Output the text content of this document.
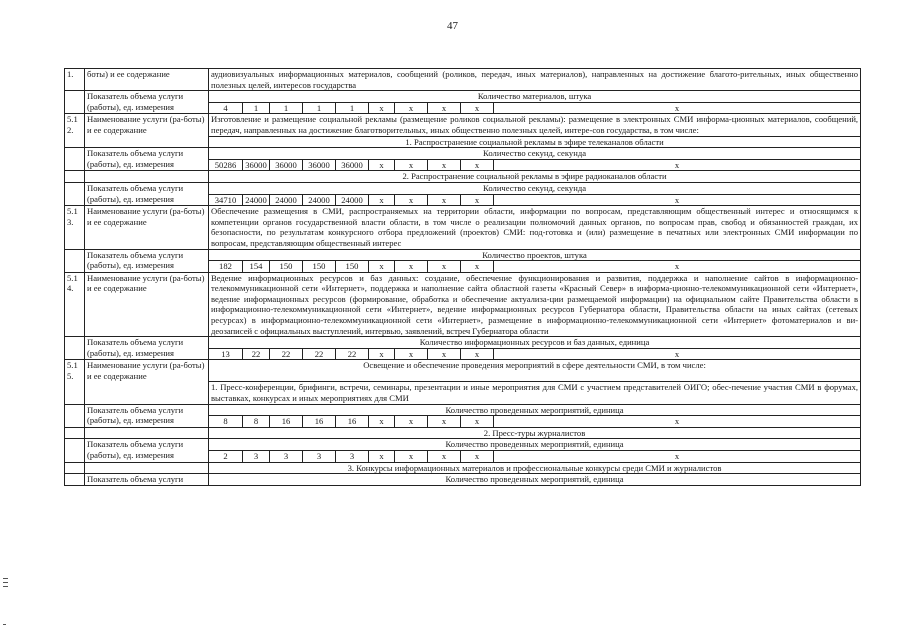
47
1.	боты) и ее содержание	аудиовизуальных информационных материалов, сообщений (роликов, передач, иных материалов), направленных на достижение благото-рительных, иных общественно полезных целей, интересов государства									
	Показатель объема услуги (работы), ед. измерения	Количество материалов, штука									
		4	1	1	1	1	x	x	x	x	x
5.1 2.	Наименование услуги (ра-боты) и ее содержание	Изготовление и размещение социальной рекламы (размещение роликов социальной рекламы): размещение в электронных СМИ информа-ционных материалов, сообщений, передач, направленных на достижение благотворительных, иных общественно полезных целей, интере-сов государства, в том числе:									
		1. Распространение социальной рекламы в эфире телеканалов области									
	Показатель объема услуги (работы), ед. измерения	Количество секунд, секунда									
		50286	36000	36000	36000	36000	x	x	x	x	x
		2. Распространение социальной рекламы в эфире радиоканалов области									
	Показатель объема услуги (работы), ед. измерения	Количество секунд, секунда									
		34710	24000	24000	24000	24000	x	x	x	x	x
5.1 3.	Наименование услуги (ра-боты) и ее содержание	Обеспечение размещения в СМИ, распространяемых на территории области, информации по вопросам, представляющим общественный интерес и относящимся к компетенции органов государственной власти области, в том числе о реализации полномочий данных органов, по вопросам прав, свобод и обязанностей граждан, их безопасности, по результатам конкурсного отбора предложений (проектов) СМИ: под-готовка и (или) размещение в печатных или электронных СМИ информации по вопросам, представляющим общественный интерес									
	Показатель объема услуги (работы), ед. измерения	Количество проектов, штука									
		182	154	150	150	150	x	x	x	x	x
5.1 4.	Наименование услуги (ра-боты) и ее содержание	Ведение информационных ресурсов и баз данных: создание, обеспечение функционирования и развития, поддержка и наполнение сайтов в информационно-телекоммуникационной сети «Интернет», поддержка и наполнение сайта областной газеты «Красный Север» в информа-ционно-телекоммуникационной сети «Интернет», ведение информационных ресурсов (формирование, обработка и обеспечение актуализа-ции размещаемой информации) на официальном сайте Правительства области в информационно-телекоммуникационной сети «Интернет», ведение информационных ресурсов Губернатора области, Правительства области на иных сайтах (сетевых ресурсах) в информационно-телекоммуникационной сети «Интернет», размещение в информационно-телекоммуникационной сети «Интернет» фотоматериалов и ви-деозаписей с официальных выступлений, интервью, заявлений, встреч Губернатора области									
	Показатель объема услуги (работы), ед. измерения	Количество информационных ресурсов и баз данных, единица									
		13	22	22	22	22	x	x	x	x	x
5.1 5.	Наименование услуги (ра-боты) и ее содержание	Освещение и обеспечение проведения мероприятий в сфере деятельности СМИ, в том числе:									
		1. Пресс-конференции, брифинги, встречи, семинары, презентации и иные мероприятия для СМИ с участием представителей ОИГО; обес-печение участия СМИ в форумах, выставках, конкурсах и иных мероприятиях для СМИ									
	Показатель объема услуги (работы), ед. измерения	Количество проведенных мероприятий, единица									
		8	8	16	16	16	x	x	x	x	x
		2. Пресс-туры журналистов									
	Показатель объема услуги (работы), ед. измерения	Количество проведенных мероприятий, единица									
		2	3	3	3	3	x	x	x	x	x
		3. Конкурсы информационных материалов и профессиональные конкурсы среди СМИ и журналистов									
	Показатель объема услуги	Количество проведенных мероприятий, единица									
